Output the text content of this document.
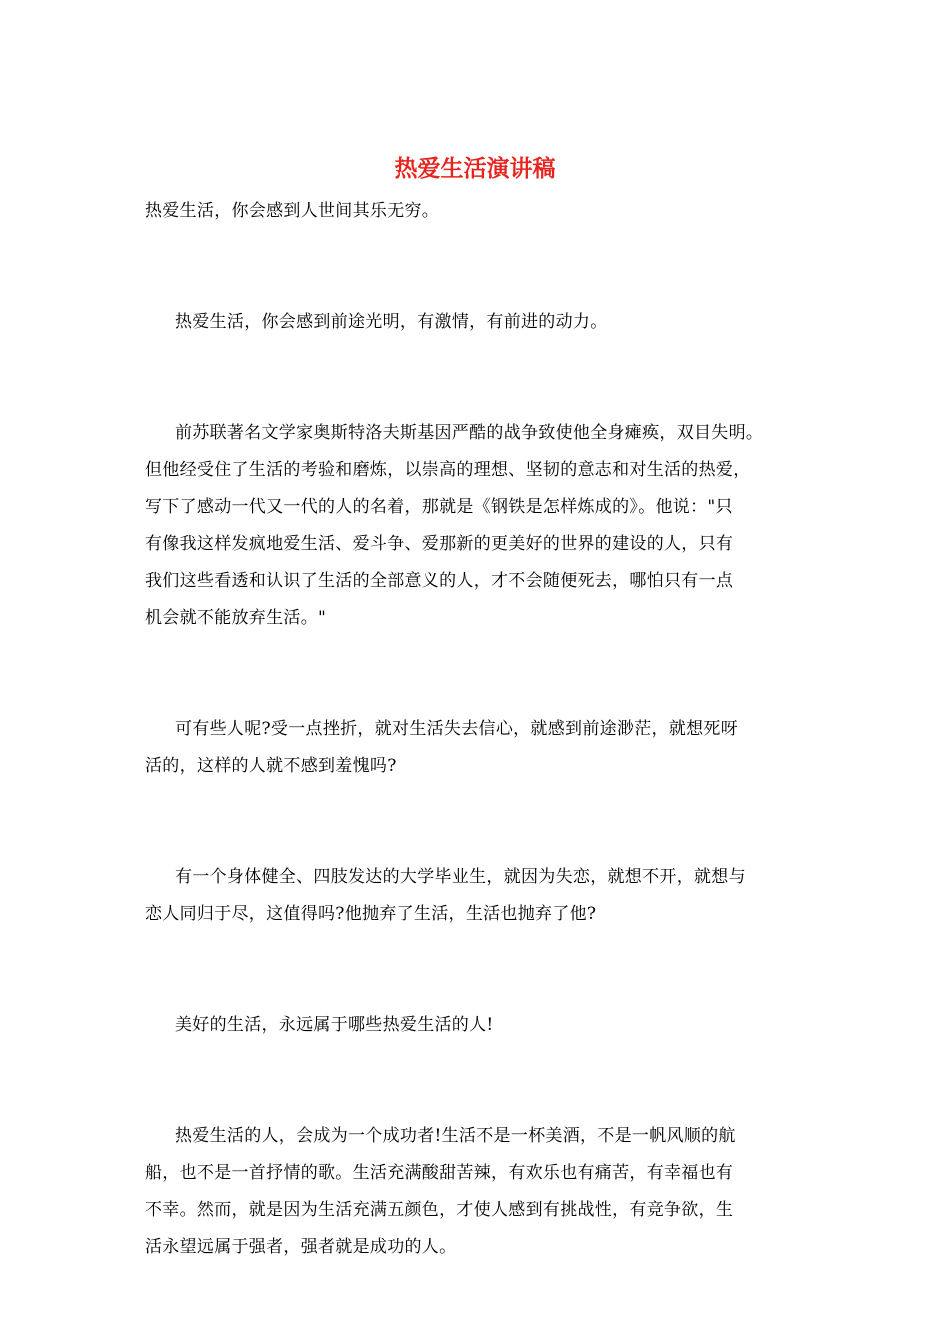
热爱生活演讲稿

热爱生活，你会感到人世间其乐无穷。

热爱生活，你会感到前途光明，有激情，有前进的动力。

前苏联著名文学家奥斯特洛夫斯基因严酷的战争致使他全身瘫痪，双目失明。
但他经受住了生活的考验和磨炼，以崇高的理想、坚韧的意志和对生活的热爱，
写下了感动一代又一代的人的名着，那就是《钢铁是怎样炼成的》。他说："只
有像我这样发疯地爱生活、爱斗争、爱那新的更美好的世界的建设的人，只有
我们这些看透和认识了生活的全部意义的人，才不会随便死去，哪怕只有一点
机会就不能放弃生活。"

可有些人呢?受一点挫折，就对生活失去信心，就感到前途渺茫，就想死呀
活的，这样的人就不感到羞愧吗?

有一个身体健全、四肢发达的大学毕业生，就因为失恋，就想不开，就想与
恋人同归于尽，这值得吗?他抛弃了生活，生活也抛弃了他?

美好的生活，永远属于哪些热爱生活的人!

热爱生活的人，会成为一个成功者!生活不是一杯美酒，不是一帆风顺的航
船，也不是一首抒情的歌。生活充满酸甜苦辣，有欢乐也有痛苦，有幸福也有
不幸。然而，就是因为生活充满五颜色，才使人感到有挑战性，有竞争欲，生
活永望远属于强者，强者就是成功的人。
